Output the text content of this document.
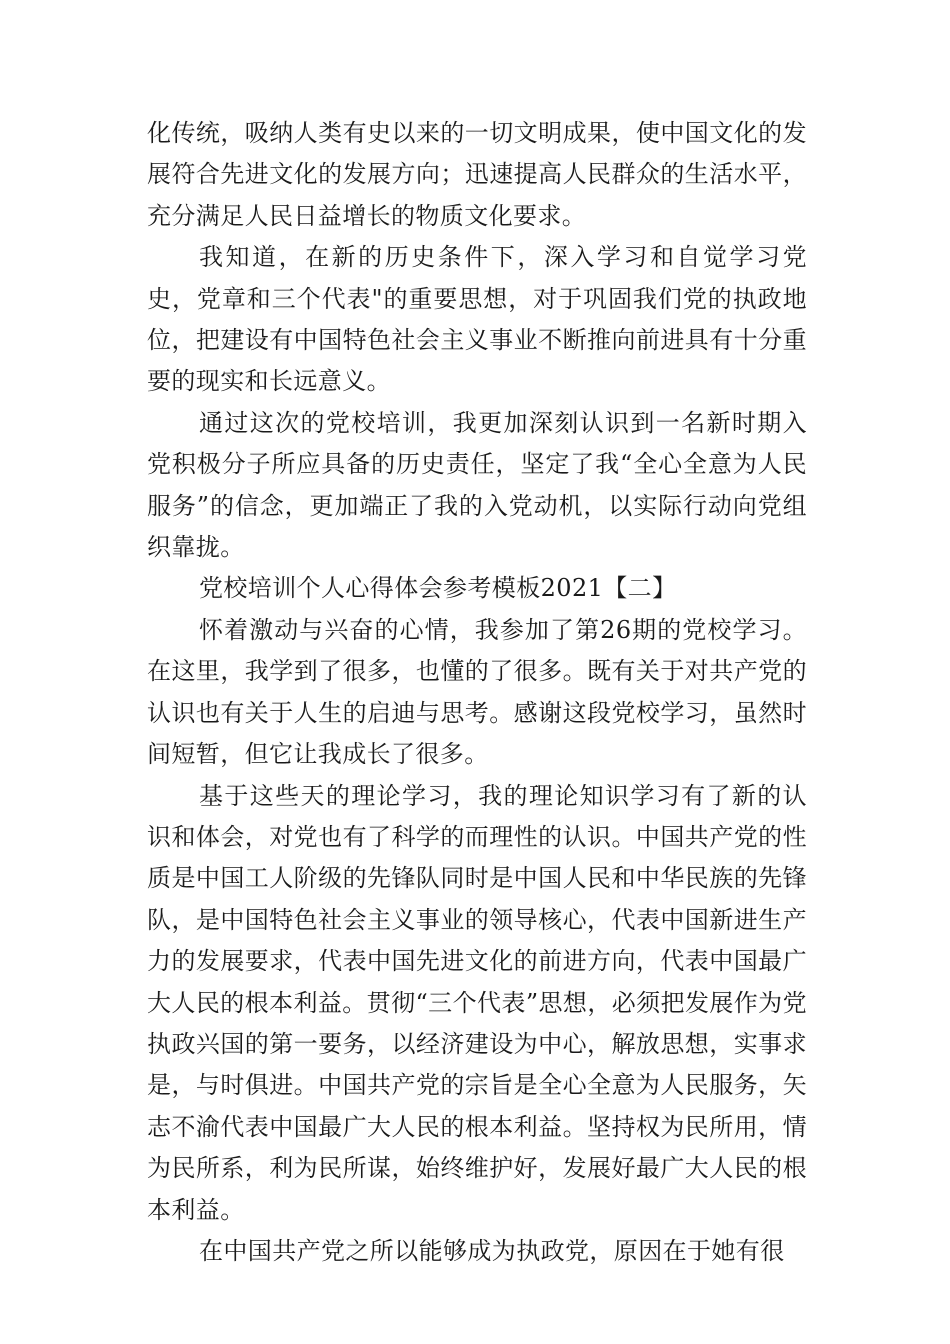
化传统，吸纳人类有史以来的一切文明成果，使中国文化的发展符合先进文化的发展方向；迅速提高人民群众的生活水平，充分满足人民日益增长的物质文化要求。

我知道，在新的历史条件下，深入学习和自觉学习党史，党章和三个代表"的重要思想，对于巩固我们党的执政地位，把建设有中国特色社会主义事业不断推向前进具有十分重要的现实和长远意义。

通过这次的党校培训，我更加深刻认识到一名新时期入党积极分子所应具备的历史责任，坚定了我“全心全意为人民服务”的信念，更加端正了我的入党动机，以实际行动向党组织靠拢。

党校培训个人心得体会参考模板2021【二】

怀着激动与兴奋的心情，我参加了第26期的党校学习。在这里，我学到了很多，也懂的了很多。既有关于对共产党的认识也有关于人生的启迪与思考。感谢这段党校学习，虽然时间短暂，但它让我成长了很多。

基于这些天的理论学习，我的理论知识学习有了新的认识和体会，对党也有了科学的而理性的认识。中国共产党的性质是中国工人阶级的先锋队同时是中国人民和中华民族的先锋队，是中国特色社会主义事业的领导核心，代表中国新进生产力的发展要求，代表中国先进文化的前进方向，代表中国最广大人民的根本利益。贯彻“三个代表”思想，必须把发展作为党执政兴国的第一要务，以经济建设为中心，解放思想，实事求是，与时俱进。中国共产党的宗旨是全心全意为人民服务，矢志不渝代表中国最广大人民的根本利益。坚持权为民所用，情为民所系，利为民所谋，始终维护好，发展好最广大人民的根本利益。

在中国共产党之所以能够成为执政党，原因在于她有很
